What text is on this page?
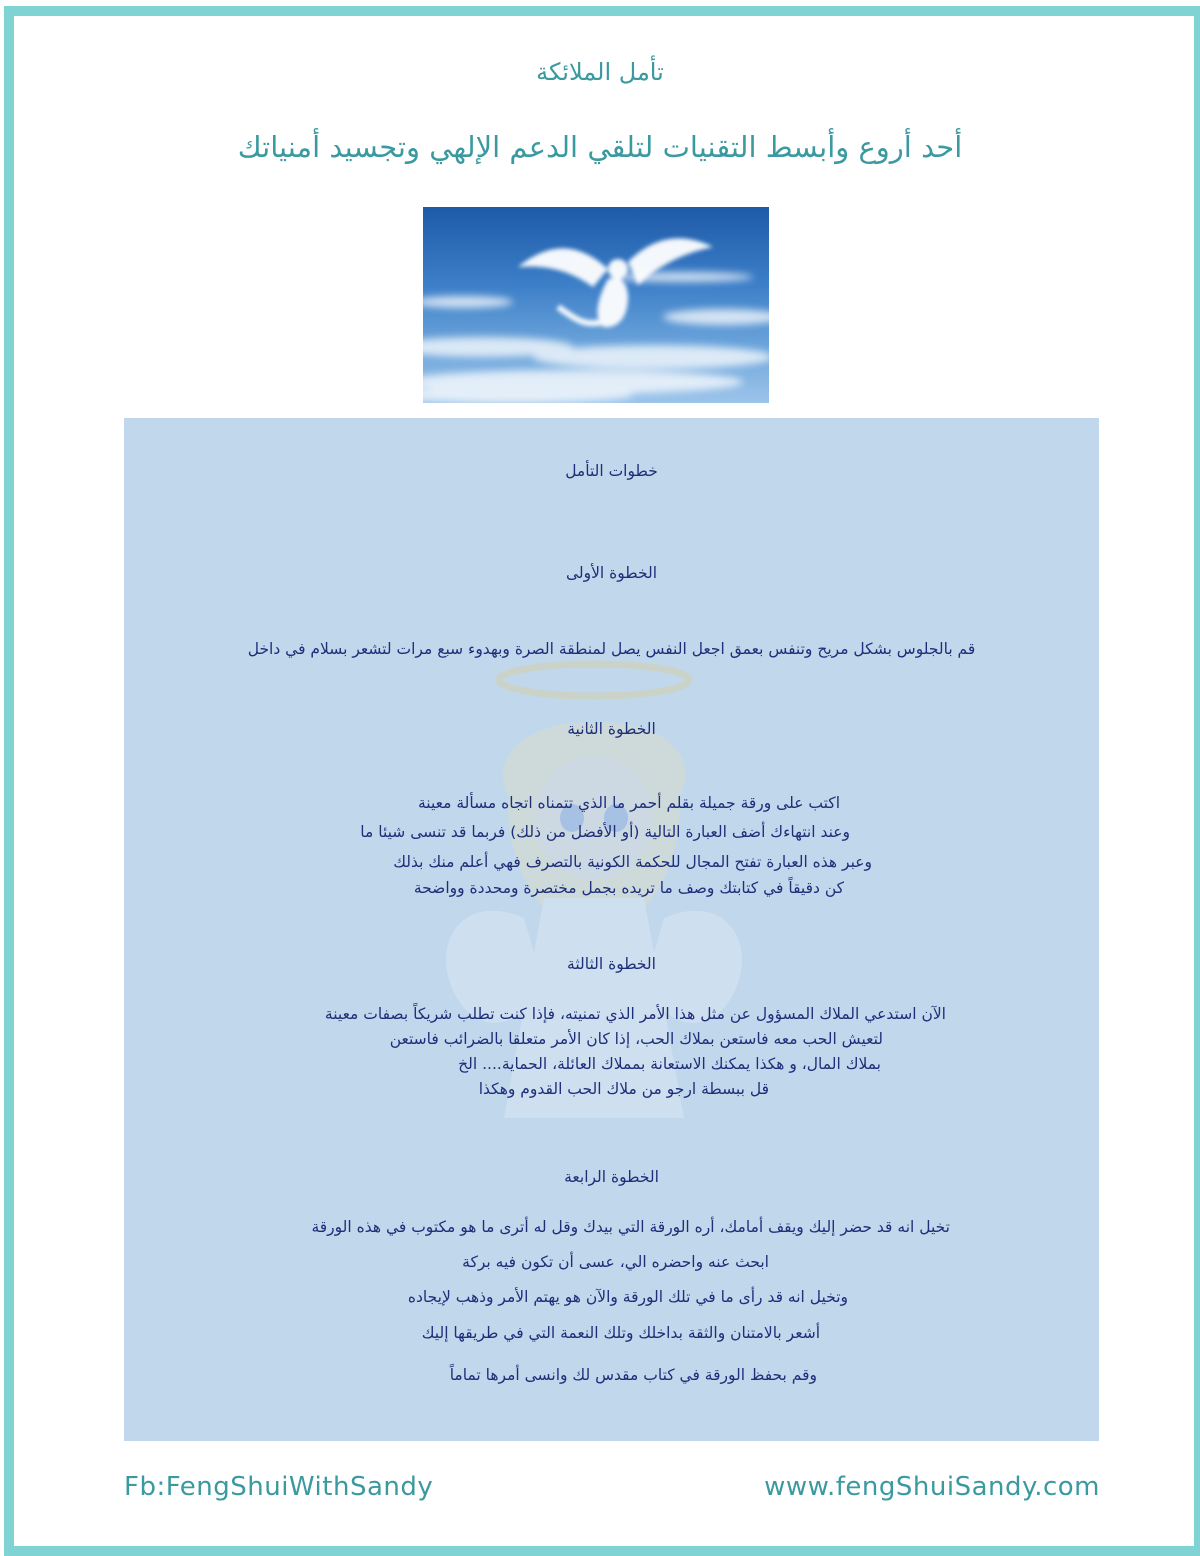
تأمل الملائكة
أحد أروع وأبسط التقنيات لتلقي الدعم الإلهي وتجسيد أمنياتك
خطوات التأمل
الخطوة الأولى
قم بالجلوس بشكل مريح وتنفس بعمق اجعل النفس يصل لمنطقة الصرة وبهدوء سبع مرات لتشعر بسلام في داخل
الخطوة الثانية
اكتب على ورقة جميلة بقلم أحمر ما الذي تتمناه اتجاه مسألة معينة
وعند انتهاءك أضف العبارة التالية (أو الأفضل من ذلك) فربما قد تنسى شيئا ما
وعبر هذه العبارة تفتح المجال للحكمة الكونية بالتصرف فهي أعلم منك بذلك
كن دقيقاً في كتابتك وصف ما تريده بجمل مختصرة ومحددة وواضحة
الخطوة الثالثة
الآن استدعي الملاك المسؤول عن مثل هذا الأمر الذي تمنيته، فإذا كنت تطلب شريكاً بصفات معينة
لتعيش الحب معه فاستعن بملاك الحب، إذا كان الأمر متعلقا بالضرائب فاستعن
بملاك المال، و هكذا يمكنك الاستعانة بمملاك العائلة، الحماية.... الخ
قل ببسطة ارجو من ملاك الحب القدوم وهكذا
الخطوة الرابعة
تخيل انه قد حضر إليك ويقف أمامك، أره الورقة التي بيدك وقل له أترى ما هو مكتوب في هذه الورقة
ابحث عنه واحضره الي، عسى أن تكون فيه بركة
وتخيل انه قد رأى ما في تلك الورقة والآن هو يهتم الأمر وذهب لإيجاده
أشعر بالامتنان والثقة بداخلك وتلك النعمة التي في طريقها إليك
وقم بحفظ الورقة في كتاب مقدس لك وانسى أمرها تماماً
Fb:FengShuiWithSandy	www.fengShuiSandy.com
